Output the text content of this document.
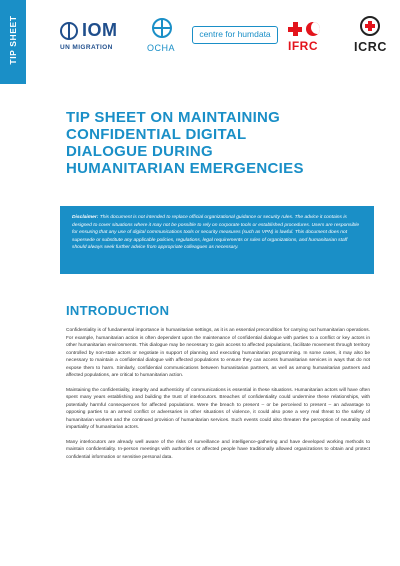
TIP SHEET	IOM
UN MIGRATION	OCHA
centre for humdata
IFRC	ICRC
TIP SHEET ON MAINTAINING
CONFIDENTIAL DIGITAL
DIALOGUE DURING
HUMANITARIAN EMERGENCIES
Disclaimer: This document is not intended to replace official organizational guidance or security rules. The advice it contains is designed to cover situations where it may not be possible to rely on corporate tools or established procedures. Users are responsible for ensuring that any use of digital communications tools or security measures (such as VPN) is lawful. This document does not supersede or substitute any applicable policies, regulations, legal requirements or rules of organizations, and humanitarian staff should always seek further advice from appropriate colleagues as necessary.
INTRODUCTION

Confidentiality is of fundamental importance in humanitarian settings, as it is an essential precondition for carrying out humanitarian operations. For example, humanitarian action is often dependent upon the maintenance of confidential dialogue with parties to a conflict or key actors in other humanitarian environments. This dialogue may be necessary to gain access to affected populations, facilitate movement through territory controlled by non-state actors or negotiate in support of planning and executing humanitarian programming. In some cases, it may also be necessary to maintain a confidential dialogue with affected populations to ensure they can access humanitarian services in ways that do not expose them to harm. Similarly, confidential communications between humanitarian partners, as well as among humanitarian partners and affected populations, are critical to humanitarian action.

Maintaining the confidentiality, integrity and authenticity of communications is essential in these situations. Humanitarian actors will have often spent many years establishing and building the trust of interlocutors. Breaches of confidentiality could undermine these relationships, with potentially harmful consequences for affected populations. Were the breach to present – or be perceived to present – an advantage to opposing parties to an armed conflict or adversaries in other situations of violence, it could also pose a very real threat to the safety of humanitarian workers and the continued provision of humanitarian services. Such events could also threaten the perception of neutrality and impartiality of humanitarian actors.

Many interlocutors are already well aware of the risks of surveillance and intelligence-gathering and have developed working methods to maintain confidentiality. In-person meetings with authorities or affected people have traditionally allowed organizations to obtain and protect confidential information or sensitive personal data.
